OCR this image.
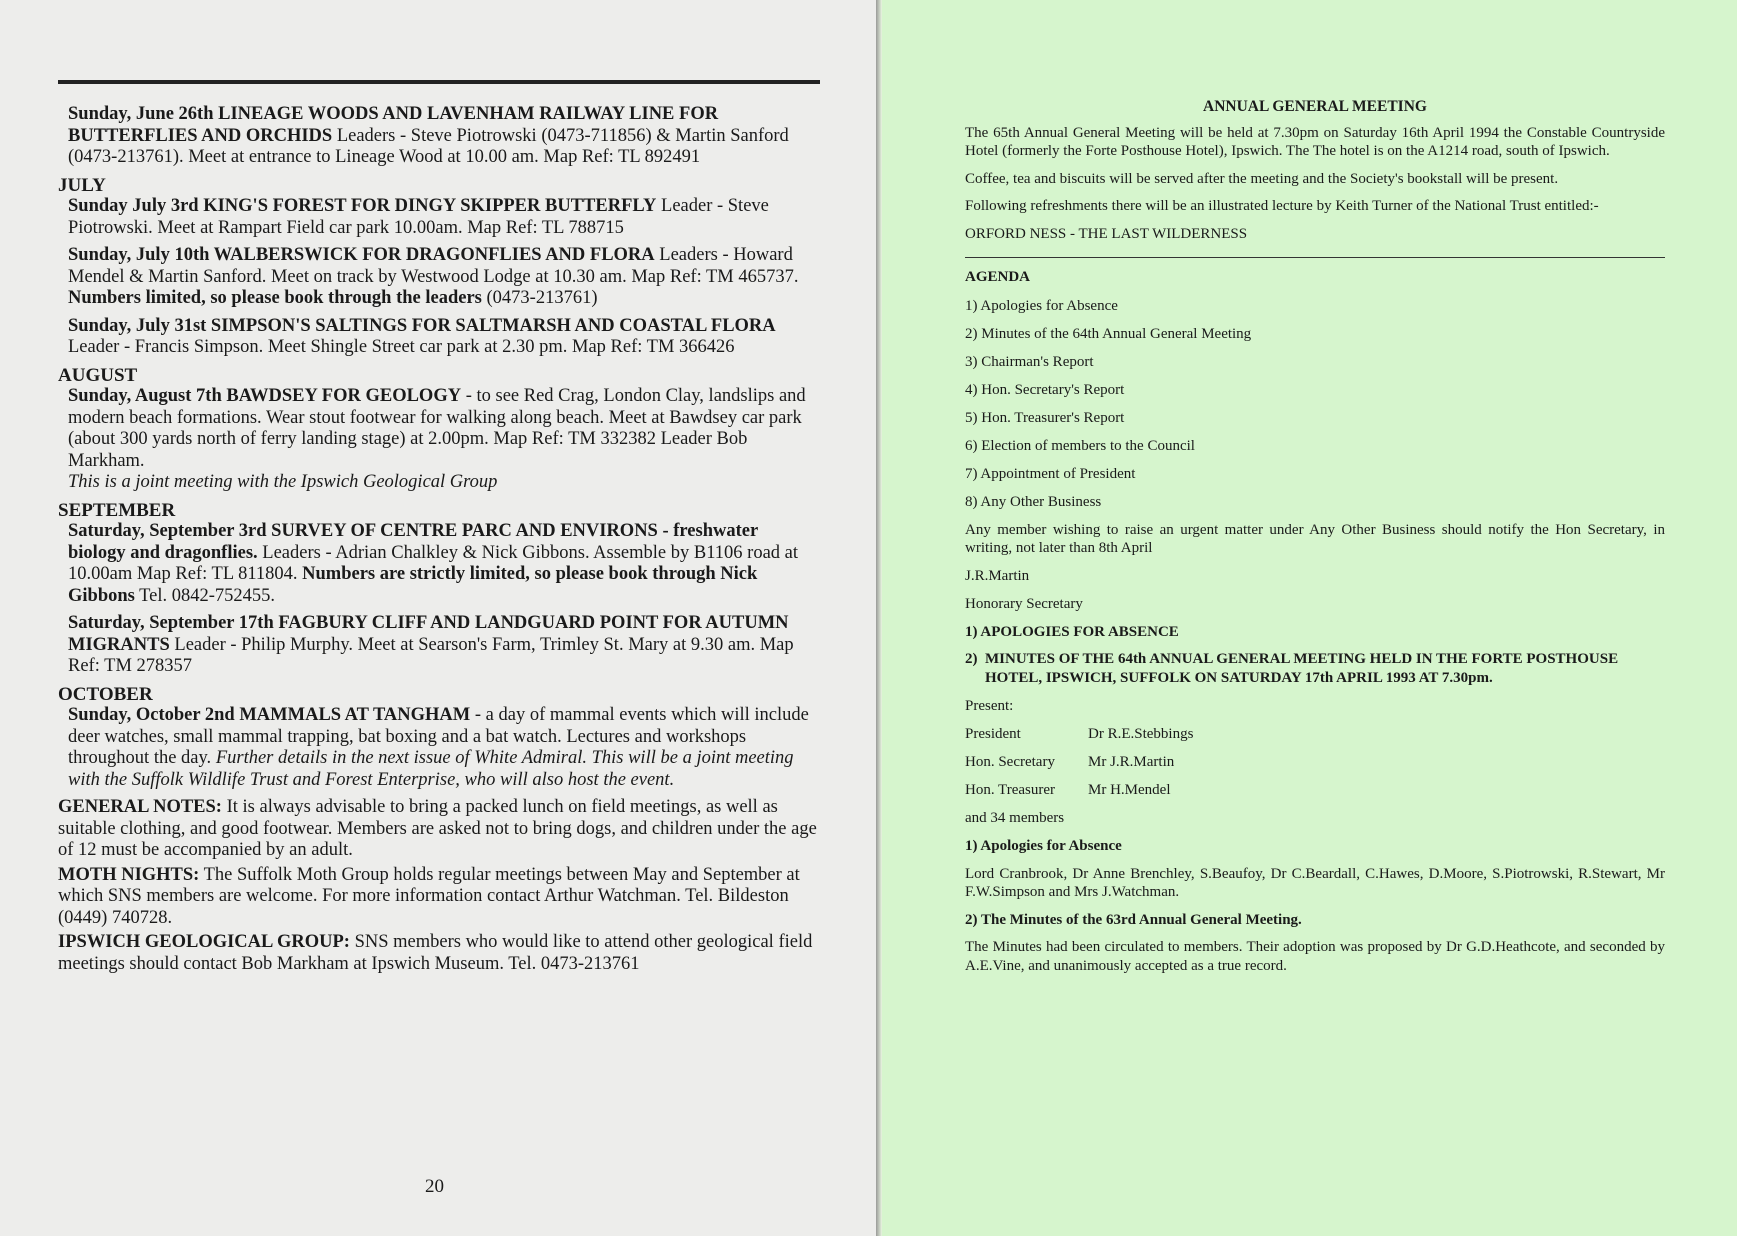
Sunday, June 26th LINEAGE WOODS AND LAVENHAM RAILWAY LINE FOR BUTTERFLIES AND ORCHIDS Leaders - Steve Piotrowski (0473-711856) & Martin Sanford (0473-213761). Meet at entrance to Lineage Wood at 10.00 am. Map Ref: TL 892491

JULY

Sunday July 3rd KING'S FOREST FOR DINGY SKIPPER BUTTERFLY Leader - Steve Piotrowski. Meet at Rampart Field car park 10.00am. Map Ref: TL 788715

Sunday, July 10th WALBERSWICK FOR DRAGONFLIES AND FLORA Leaders - Howard Mendel & Martin Sanford. Meet on track by Westwood Lodge at 10.30 am. Map Ref: TM 465737. Numbers limited, so please book through the leaders (0473-213761)

Sunday, July 31st SIMPSON'S SALTINGS FOR SALTMARSH AND COASTAL FLORA Leader - Francis Simpson. Meet Shingle Street car park at 2.30 pm. Map Ref: TM 366426

AUGUST

Sunday, August 7th BAWDSEY FOR GEOLOGY - to see Red Crag, London Clay, landslips and modern beach formations. Wear stout footwear for walking along beach. Meet at Bawdsey car park (about 300 yards north of ferry landing stage) at 2.00pm. Map Ref: TM 332382 Leader Bob Markham.
This is a joint meeting with the Ipswich Geological Group

SEPTEMBER

Saturday, September 3rd SURVEY OF CENTRE PARC AND ENVIRONS - freshwater biology and dragonflies. Leaders - Adrian Chalkley & Nick Gibbons. Assemble by B1106 road at 10.00am Map Ref: TL 811804. Numbers are strictly limited, so please book through Nick Gibbons Tel. 0842-752455.

Saturday, September 17th FAGBURY CLIFF AND LANDGUARD POINT FOR AUTUMN MIGRANTS Leader - Philip Murphy. Meet at Searson's Farm, Trimley St. Mary at 9.30 am. Map Ref: TM 278357

OCTOBER

Sunday, October 2nd MAMMALS AT TANGHAM - a day of mammal events which will include deer watches, small mammal trapping, bat boxing and a bat watch. Lectures and workshops throughout the day. Further details in the next issue of White Admiral. This will be a joint meeting with the Suffolk Wildlife Trust and Forest Enterprise, who will also host the event.

GENERAL NOTES: It is always advisable to bring a packed lunch on field meetings, as well as suitable clothing, and good footwear. Members are asked not to bring dogs, and children under the age of 12 must be accompanied by an adult.

MOTH NIGHTS: The Suffolk Moth Group holds regular meetings between May and September at which SNS members are welcome. For more information contact Arthur Watchman. Tel. Bildeston (0449) 740728.

IPSWICH GEOLOGICAL GROUP: SNS members who would like to attend other geological field meetings should contact Bob Markham at Ipswich Museum. Tel. 0473-213761

20

ANNUAL GENERAL MEETING

The 65th Annual General Meeting will be held at 7.30pm on Saturday 16th April 1994 the Constable Countryside Hotel (formerly the Forte Posthouse Hotel), Ipswich. The The hotel is on the A1214 road, south of Ipswich.

Coffee, tea and biscuits will be served after the meeting and the Society's bookstall will be present.

Following refreshments there will be an illustrated lecture by Keith Turner of the National Trust entitled:-

ORFORD NESS - THE LAST WILDERNESS

AGENDA

1) Apologies for Absence

2) Minutes of the 64th Annual General Meeting

3) Chairman's Report

4) Hon. Secretary's Report

5) Hon. Treasurer's Report

6) Election of members to the Council

7) Appointment of President

8) Any Other Business

Any member wishing to raise an urgent matter under Any Other Business should notify the Hon Secretary, in writing, not later than 8th April

J.R.Martin

Honorary Secretary

1) APOLOGIES FOR ABSENCE

2) MINUTES OF THE 64th ANNUAL GENERAL MEETING HELD IN THE FORTE POSTHOUSE HOTEL, IPSWICH, SUFFOLK ON SATURDAY 17th APRIL 1993 AT 7.30pm.

Present:

President	Dr R.E.Stebbings
Hon. Secretary	Mr J.R.Martin
Hon. Treasurer	Mr H.Mendel

and 34 members

1) Apologies for Absence

Lord Cranbrook, Dr Anne Brenchley, S.Beaufoy, Dr C.Beardall, C.Hawes, D.Moore, S.Piotrowski, R.Stewart, Mr F.W.Simpson and Mrs J.Watchman.

2) The Minutes of the 63rd Annual General Meeting.

The Minutes had been circulated to members. Their adoption was proposed by Dr G.D.Heathcote, and seconded by A.E.Vine, and unanimously accepted as a true record.
